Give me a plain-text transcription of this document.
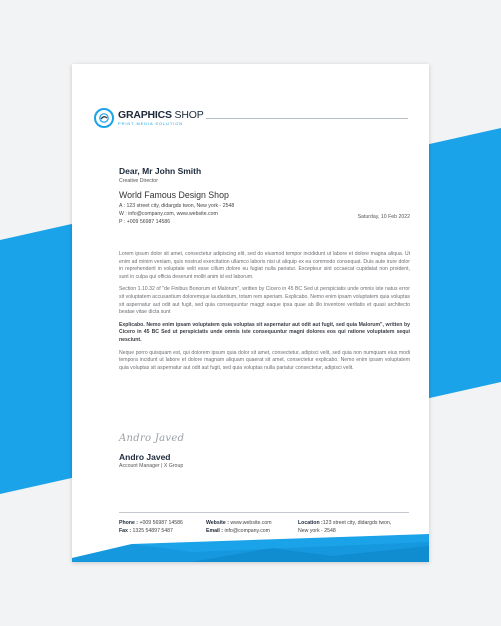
GRAPHICS SHOP
PRINT MEDIA SOLUTION
Dear, Mr John Smith
Creative Director
World Famous Design Shop
A : 123 street city, didargds twon, New york - 2548
W : info@company.com, www.website.com
P : +009 56987 14586
Saturday, 10 Feb 2022

Lorem ipsum dolor sit amet, consectetur adipiscing elit, sed do eiusmod tempor incididunt ut labore et dolore magna aliqua. Ut enim ad minim veniam, quis nostrud exercitation ullamco laboris nisi ut aliquip ex ea commodo consequat. Duis aute irure dolor in reprehenderit in voluptate velit esse cillum dolore eu fugiat nulla pariatur. Excepteur sint occaecat cupidatat non proident, sunt in culpa qui officia deserunt mollit anim id est laborum.

Section 1.10.32 of "de Finibus Bonorum et Malorum", written by Cicero in 45 BC Sed ut perspiciatis unde omnis iste natus error sit voluptatem accusantium doloremque laudantium, totam rem aperiam. Explicabo. Nemo enim ipsam voluptatem quia voluptas sit aspernatur aut odit aut fugit, sed quia consequuntur maggt eaque ipsa quae ab illo inventore veritatis et quasi architecto beatae vitae dicta sunt

Explicabo. Nemo enim ipsam voluptatem quia voluptas sit aspernatur aut odit aut fugit, sed quia Malorum", written by Cicero in 45 BC Sed ut perspiciatis unde omnis iste consequuntur magni dolores eos qui ratione voluptatem sequi nesciunt.

Neque porro quisquam est, qui dolorem ipsum quia dolor sit amet, consectetur, adipisci velit, sed quia non numquam eius modi tempora incidunt ut labore et dolore magnam aliquam quaerat sit amet, consectetur explicabo. Nemo enim ipsam voluptatem quia voluptas sit aspernatur aut odit aut fugit, sed quia voluptas nulla pariatur consectetur, adipisci velit.

Andro Javed
Andro Javed
Account Manager | X Group
Phone : +009 56987 14586
Fax : 1325 54897 5487
Website : www.website.com
Email : info@company.com
Location :123 street city, didargds twon, New york - 2548
